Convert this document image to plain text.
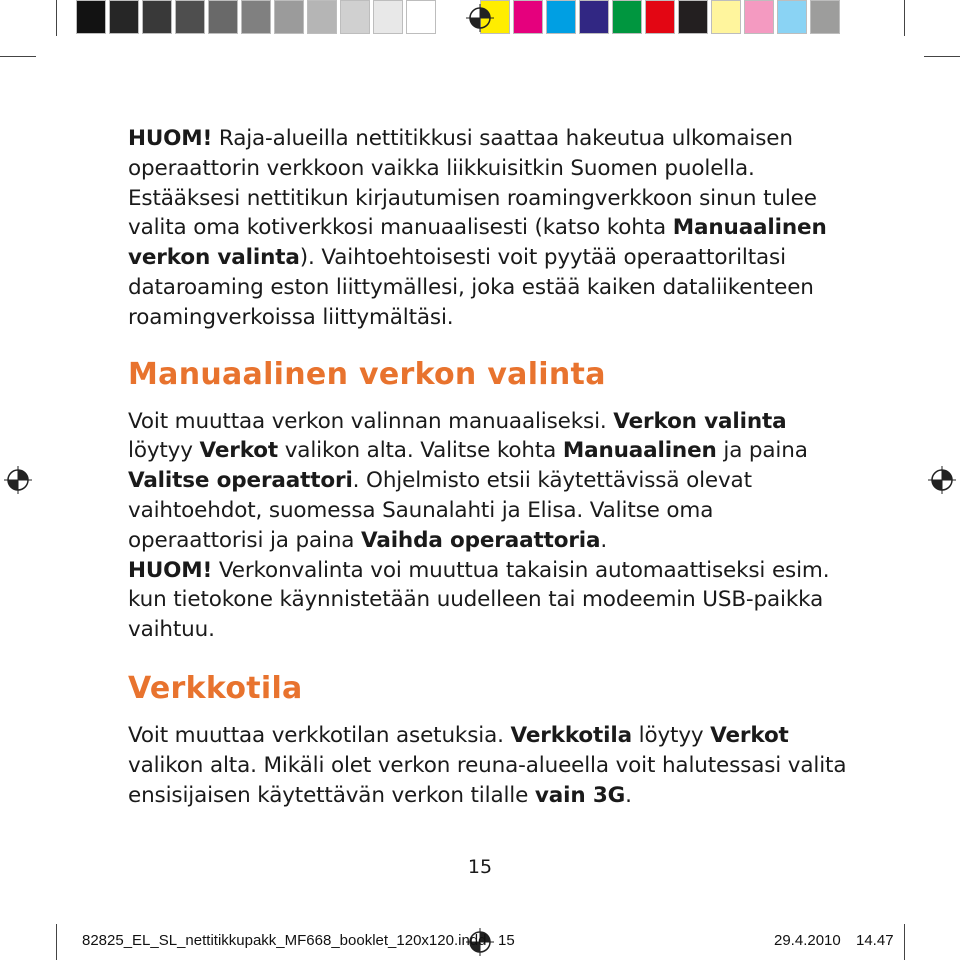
HUOM! Raja-alueilla nettitikkusi saattaa hakeutua ulkomaisen operaattorin verkkoon vaikka liikkuisitkin Suomen puolella. Estääksesi nettitikun kirjautumisen roamingverkkoon sinun tulee valita oma kotiverkkosi manuaalisesti (katso kohta Manuaalinen verkon valinta). Vaihtoehtoisesti voit pyytää operaattoriltasi dataroaming eston liittymällesi, joka estää kaiken dataliikenteen roamingverkoissa liittymältäsi.

Manuaalinen verkon valinta

Voit muuttaa verkon valinnan manuaaliseksi. Verkon valinta löytyy Verkot valikon alta. Valitse kohta Manuaalinen ja paina Valitse operaattori. Ohjelmisto etsii käytettävissä olevat vaihtoehdot, suomessa Saunalahti ja Elisa. Valitse oma operaattorisi ja paina Vaihda operaattoria.

HUOM! Verkonvalinta voi muuttua takaisin automaattiseksi esim. kun tietokone käynnistetään uudelleen tai modeemin USB-paikka vaihtuu.

Verkkotila

Voit muuttaa verkkotilan asetuksia. Verkkotila löytyy Verkot valikon alta. Mikäli olet verkon reuna-alueella voit halutessasi valita ensisijaisen käytettävän verkon tilalle vain 3G.

15
82825_EL_SL_nettitikkupakk_MF668_booklet_120x120.indd 15	29.4.2010 14.47
